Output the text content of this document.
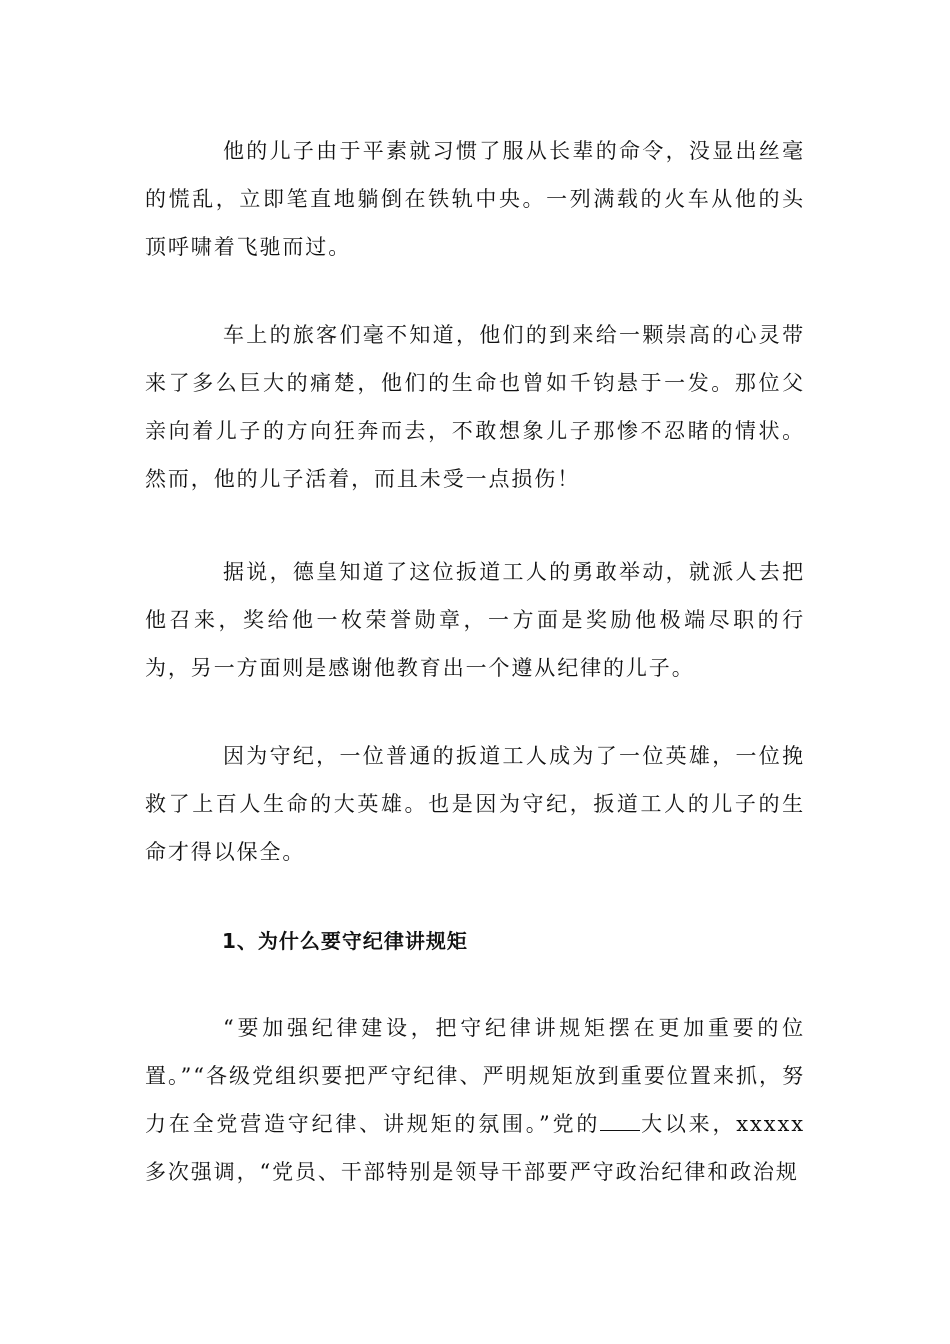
他的儿子由于平素就习惯了服从长辈的命令，没显出丝毫的慌乱，立即笔直地躺倒在铁轨中央。一列满载的火车从他的头顶呼啸着飞驰而过。

车上的旅客们毫不知道，他们的到来给一颗崇高的心灵带来了多么巨大的痛楚，他们的生命也曾如千钧悬于一发。那位父亲向着儿子的方向狂奔而去，不敢想象儿子那惨不忍睹的情状。然而，他的儿子活着，而且未受一点损伤！

据说，德皇知道了这位扳道工人的勇敢举动，就派人去把他召来，奖给他一枚荣誉勋章，一方面是奖励他极端尽职的行为，另一方面则是感谢他教育出一个遵从纪律的儿子。

因为守纪，一位普通的扳道工人成为了一位英雄，一位挽救了上百人生命的大英雄。也是因为守纪，扳道工人的儿子的生命才得以保全。

1、为什么要守纪律讲规矩

“要加强纪律建设，把守纪律讲规矩摆在更加重要的位置。”“各级党组织要把严守纪律、严明规矩放到重要位置来抓，努力在全党营造守纪律、讲规矩的氛围。”党的 大以来，xxxxx多次强调，“党员、干部特别是领导干部要严守政治纪律和政治规
